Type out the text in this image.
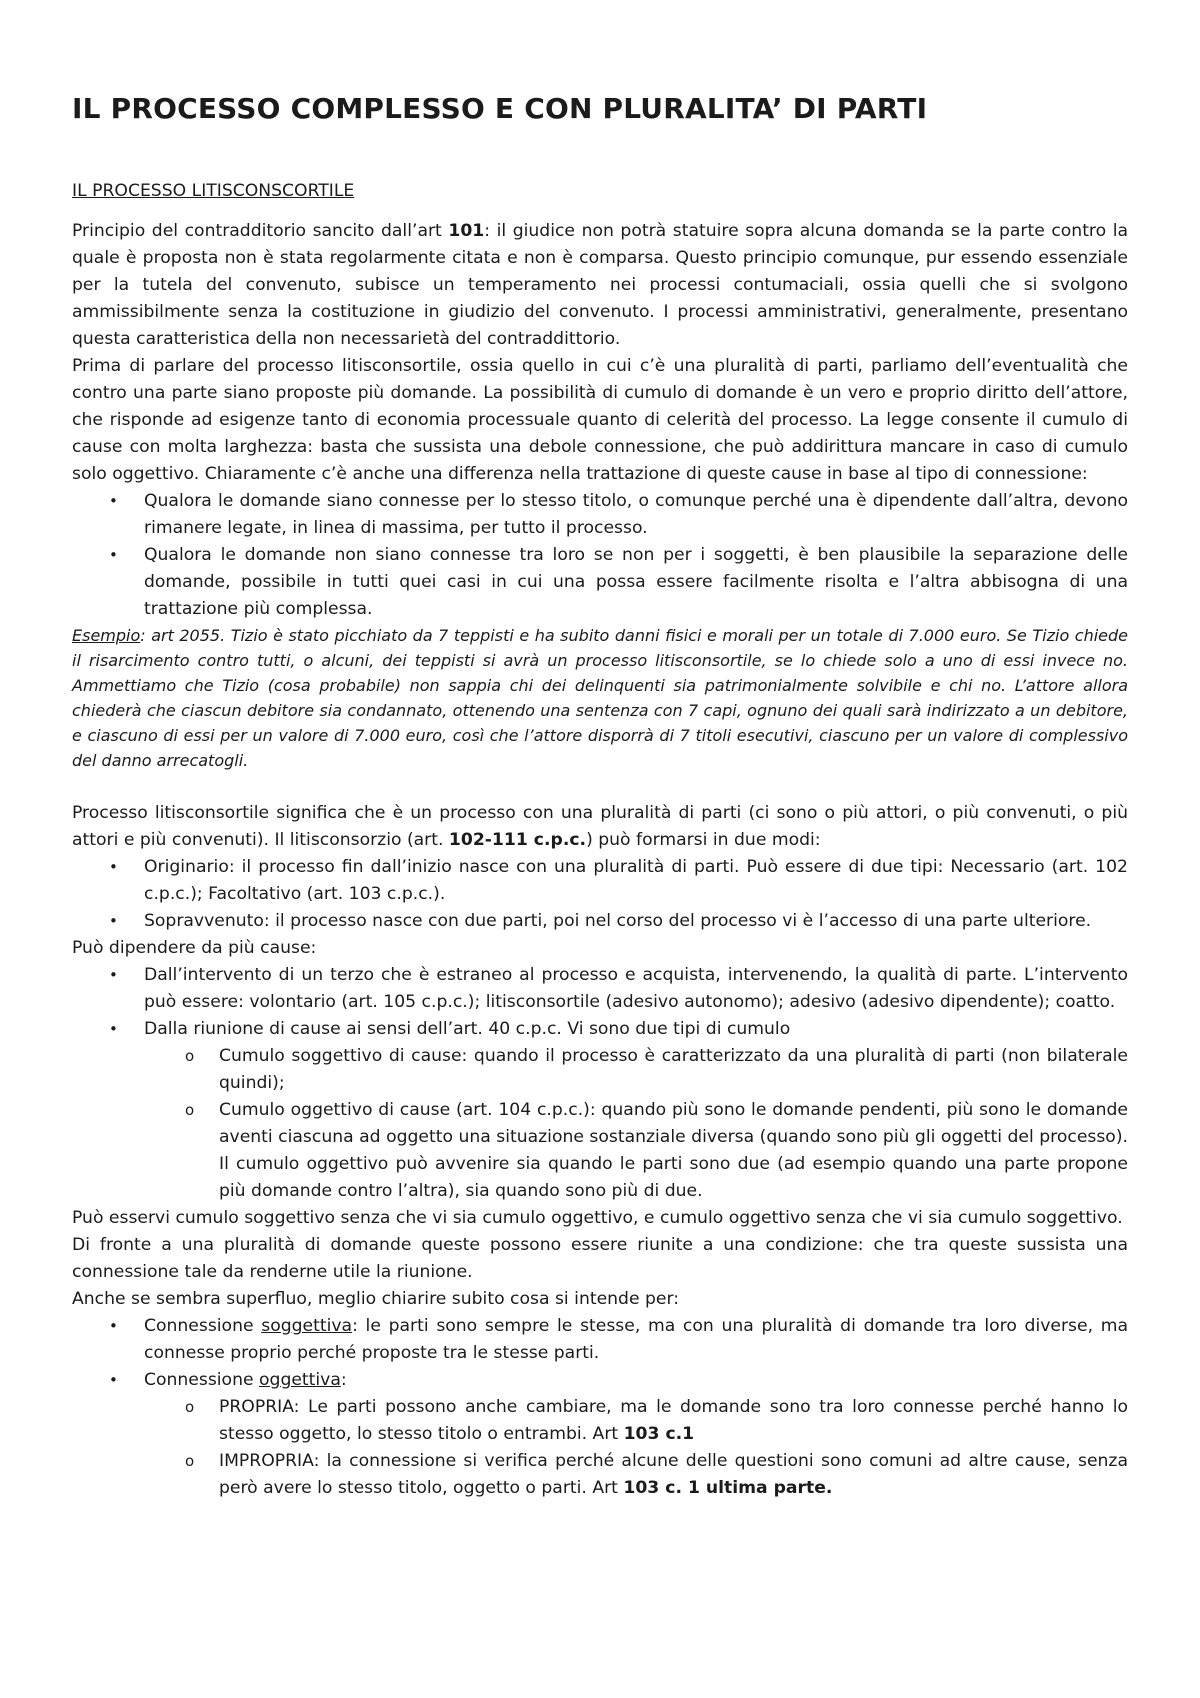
IL PROCESSO COMPLESSO E CON PLURALITA’ DI PARTI
IL PROCESSO LITISCONSCORTILE

Principio del contradditorio sancito dall’art 101: il giudice non potrà statuire sopra alcuna domanda se la parte contro la quale è proposta non è stata regolarmente citata e non è comparsa. Questo principio comunque, pur essendo essenziale per la tutela del convenuto, subisce un temperamento nei processi contumaciali, ossia quelli che si svolgono ammissibilmente senza la costituzione in giudizio del convenuto. I processi amministrativi, generalmente, presentano questa caratteristica della non necessarietà del contraddittorio.

Prima di parlare del processo litisconsortile, ossia quello in cui c’è una pluralità di parti, parliamo dell’eventualità che contro una parte siano proposte più domande. La possibilità di cumulo di domande è un vero e proprio diritto dell’attore, che risponde ad esigenze tanto di economia processuale quanto di celerità del processo. La legge consente il cumulo di cause con molta larghezza: basta che sussista una debole connessione, che può addirittura mancare in caso di cumulo solo oggettivo. Chiaramente c’è anche una differenza nella trattazione di queste cause in base al tipo di connessione:

• Qualora le domande siano connesse per lo stesso titolo, o comunque perché una è dipendente dall’altra, devono rimanere legate, in linea di massima, per tutto il processo.
• Qualora le domande non siano connesse tra loro se non per i soggetti, è ben plausibile la separazione delle domande, possibile in tutti quei casi in cui una possa essere facilmente risolta e l’altra abbisogna di una trattazione più complessa.

Esempio: art 2055. Tizio è stato picchiato da 7 teppisti e ha subito danni fisici e morali per un totale di 7.000 euro. Se Tizio chiede il risarcimento contro tutti, o alcuni, dei teppisti si avrà un processo litisconsortile, se lo chiede solo a uno di essi invece no. Ammettiamo che Tizio (cosa probabile) non sappia chi dei delinquenti sia patrimonialmente solvibile e chi no. L’attore allora chiederà che ciascun debitore sia condannato, ottenendo una sentenza con 7 capi, ognuno dei quali sarà indirizzato a un debitore, e ciascuno di essi per un valore di 7.000 euro, così che l’attore disporrà di 7 titoli esecutivi, ciascuno per un valore di complessivo del danno arrecatogli.

Processo litisconsortile significa che è un processo con una pluralità di parti (ci sono o più attori, o più convenuti, o più attori e più convenuti). Il litisconsorzio (art. 102-111 c.p.c.) può formarsi in due modi:

• Originario: il processo fin dall’inizio nasce con una pluralità di parti. Può essere di due tipi: Necessario (art. 102 c.p.c.); Facoltativo (art. 103 c.p.c.).
• Sopravvenuto: il processo nasce con due parti, poi nel corso del processo vi è l’accesso di una parte ulteriore.

Può dipendere da più cause:

• Dall’intervento di un terzo che è estraneo al processo e acquista, intervenendo, la qualità di parte. L’intervento può essere: volontario (art. 105 c.p.c.); litisconsortile (adesivo autonomo); adesivo (adesivo dipendente); coatto.
• Dalla riunione di cause ai sensi dell’art. 40 c.p.c. Vi sono due tipi di cumulo
o Cumulo soggettivo di cause: quando il processo è caratterizzato da una pluralità di parti (non bilaterale quindi);
o Cumulo oggettivo di cause (art. 104 c.p.c.): quando più sono le domande pendenti, più sono le domande aventi ciascuna ad oggetto una situazione sostanziale diversa (quando sono più gli oggetti del processo). Il cumulo oggettivo può avvenire sia quando le parti sono due (ad esempio quando una parte propone più domande contro l’altra), sia quando sono più di due.

Può esservi cumulo soggettivo senza che vi sia cumulo oggettivo, e cumulo oggettivo senza che vi sia cumulo soggettivo.

Di fronte a una pluralità di domande queste possono essere riunite a una condizione: che tra queste sussista una connessione tale da renderne utile la riunione.

Anche se sembra superfluo, meglio chiarire subito cosa si intende per:

• Connessione soggettiva: le parti sono sempre le stesse, ma con una pluralità di domande tra loro diverse, ma connesse proprio perché proposte tra le stesse parti.
• Connessione oggettiva:
o PROPRIA: Le parti possono anche cambiare, ma le domande sono tra loro connesse perché hanno lo stesso oggetto, lo stesso titolo o entrambi. Art 103 c.1
o IMPROPRIA: la connessione si verifica perché alcune delle questioni sono comuni ad altre cause, senza però avere lo stesso titolo, oggetto o parti. Art 103 c. 1 ultima parte.
